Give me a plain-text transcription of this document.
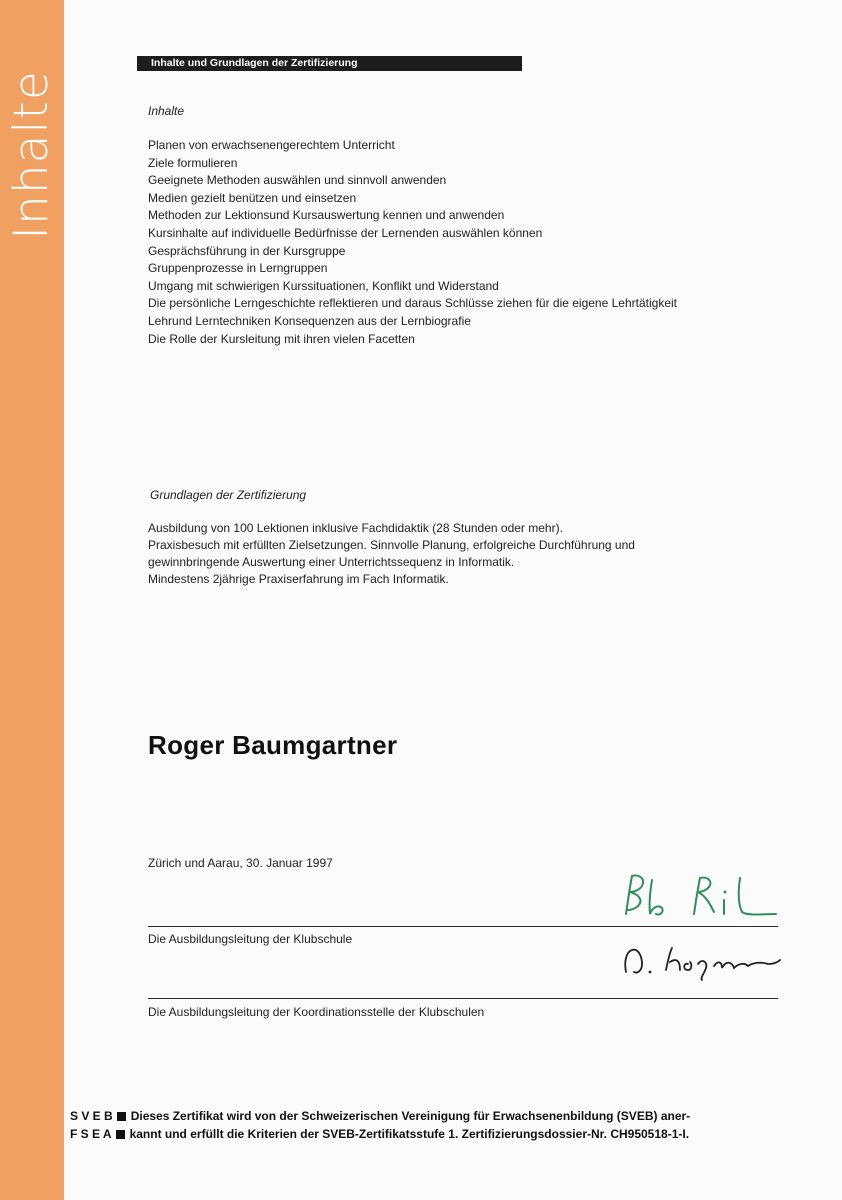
Inhalte
Inhalte und Grundlagen der Zertifizierung
Inhalte
Planen von erwachsenengerechtem Unterricht
Ziele formulieren
Geeignete Methoden auswählen und sinnvoll anwenden
Medien gezielt benützen und einsetzen
Methoden zur Lektionsund Kursauswertung kennen und anwenden
Kursinhalte auf individuelle Bedürfnisse der Lernenden auswählen können
Gesprächsführung in der Kursgruppe
Gruppenprozesse in Lerngruppen
Umgang mit schwierigen Kurssituationen, Konflikt und Widerstand
Die persönliche Lerngeschichte reflektieren und daraus Schlüsse ziehen für die eigene Lehrtätigkeit
Lehrund Lerntechniken Konsequenzen aus der Lernbiografie
Die Rolle der Kursleitung mit ihren vielen Facetten
Grundlagen der Zertifizierung
Ausbildung von 100 Lektionen inklusive Fachdidaktik (28 Stunden oder mehr).
Praxisbesuch mit erfüllten Zielsetzungen. Sinnvolle Planung, erfolgreiche Durchführung und
gewinnbringende Auswertung einer Unterrichtssequenz in Informatik.
Mindestens 2jährige Praxiserfahrung im Fach Informatik.
Roger Baumgartner
Zürich und Aarau, 30. Januar 1997
Die Ausbildungsleitung der Klubschule
Die Ausbildungsleitung der Koordinationsstelle der Klubschulen
S V E B Dieses Zertifikat wird von der Schweizerischen Vereinigung für Erwachsenenbildung (SVEB) aner-
F S E A kannt und erfüllt die Kriterien der SVEB-Zertifikatsstufe 1. Zertifizierungsdossier-Nr. CH950518-1-I.
